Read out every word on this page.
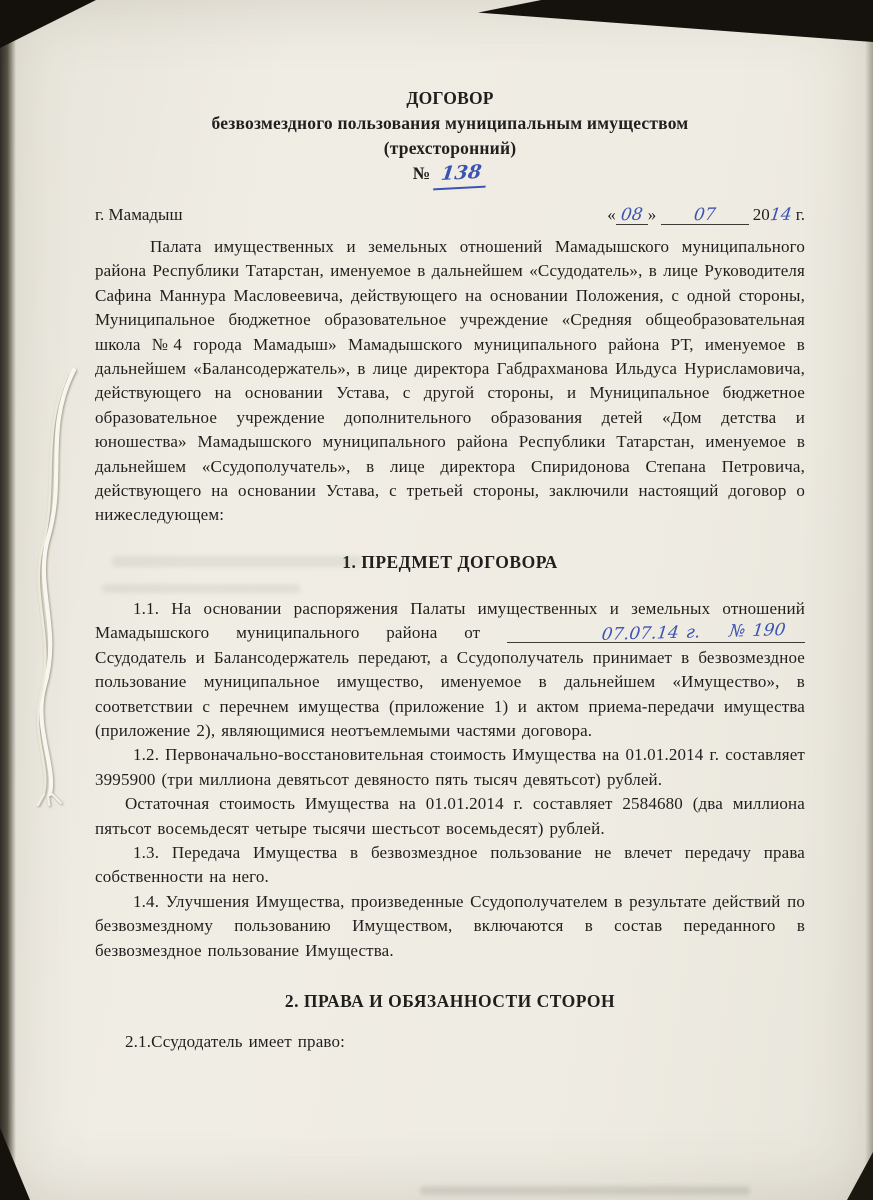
ДОГОВОР
безвозмездного пользования муниципальным имуществом
(трехсторонний)
№ 138
г. Мамадыш	« 08 » 07 2014 г.

Палата имущественных и земельных отношений Мамадышского муниципального района Республики Татарстан, именуемое в дальнейшем «Ссудодатель», в лице Руководителя Сафина Маннура Масловеевича, действующего на основании Положения, с одной стороны, Муниципальное бюджетное образовательное учреждение «Средняя общеобразовательная школа №4 города Мамадыш» Мамадышского муниципального района РТ, именуемое в дальнейшем «Балансодержатель», в лице директора Габдрахманова Ильдуса Нурисламовича, действующего на основании Устава, с другой стороны, и Муниципальное бюджетное образовательное учреждение дополнительного образования детей «Дом детства и юношества» Мамадышского муниципального района Республики Татарстан, именуемое в дальнейшем «Ссудополучатель», в лице директора Спиридонова Степана Петровича, действующего на основании Устава, с третьей стороны, заключили настоящий договор о нижеследующем:

1. ПРЕДМЕТ ДОГОВОРА

1.1. На основании распоряжения Палаты имущественных и земельных отношений Мамадышского муниципального района от	07.07.14 г.    № 190 Ссудодатель и Балансодержатель передают, а Ссудополучатель принимает в безвозмездное пользование муниципальное имущество, именуемое в дальнейшем «Имущество», в соответствии с перечнем имущества (приложение 1) и актом приема-передачи имущества (приложение 2), являющимися неотъемлемыми частями договора.

1.2. Первоначально-восстановительная стоимость Имущества на 01.01.2014 г. составляет 3995900 (три миллиона девятьсот девяносто пять тысяч девятьсот) рублей.

Остаточная стоимость Имущества на 01.01.2014 г. составляет 2584680 (два миллиона пятьсот восемьдесят четыре тысячи шестьсот восемьдесят) рублей.

1.3. Передача Имущества в безвозмездное пользование не влечет передачу права собственности на него.

1.4. Улучшения Имущества, произведенные Ссудополучателем в результате действий по безвозмездному пользованию Имуществом, включаются в состав переданного в безвозмездное пользование Имущества.

2. ПРАВА И ОБЯЗАННОСТИ СТОРОН

2.1.Ссудодатель имеет право:
